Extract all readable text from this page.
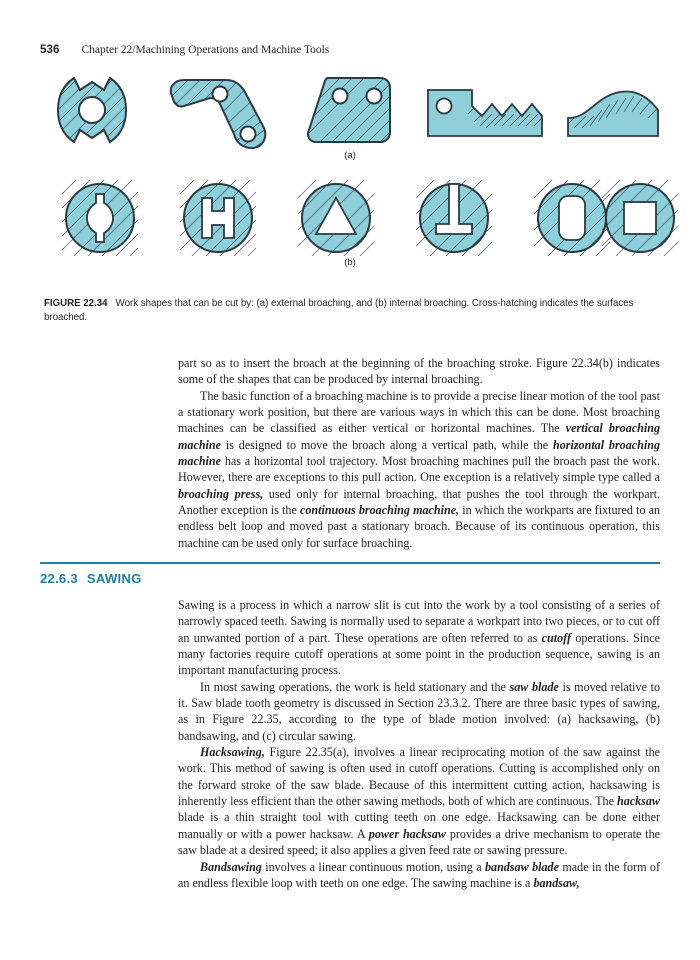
536 Chapter 22/Machining Operations and Machine Tools
(a)
(b)
FIGURE 22.34 Work shapes that can be cut by: (a) external broaching, and (b) internal broaching. Cross-hatching indicates the surfaces broached.

part so as to insert the broach at the beginning of the broaching stroke. Figure 22.34(b) indicates some of the shapes that can be produced by internal broaching.

The basic function of a broaching machine is to provide a precise linear motion of the tool past a stationary work position, but there are various ways in which this can be done. Most broaching machines can be classified as either vertical or horizontal machines. The vertical broaching machine is designed to move the broach along a vertical path, while the horizontal broaching machine has a horizontal tool trajectory. Most broaching machines pull the broach past the work. However, there are exceptions to this pull action. One exception is a relatively simple type called a broaching press, used only for internal broaching, that pushes the tool through the workpart. Another exception is the continuous broaching machine, in which the workparts are fixtured to an endless belt loop and moved past a stationary broach. Because of its continuous operation, this machine can be used only for surface broaching.

22.6.3 SAWING

Sawing is a process in which a narrow slit is cut into the work by a tool consisting of a series of narrowly spaced teeth. Sawing is normally used to separate a workpart into two pieces, or to cut off an unwanted portion of a part. These operations are often referred to as cutoff operations. Since many factories require cutoff operations at some point in the production sequence, sawing is an important manufacturing process.

In most sawing operations, the work is held stationary and the saw blade is moved relative to it. Saw blade tooth geometry is discussed in Section 23.3.2. There are three basic types of sawing, as in Figure 22.35, according to the type of blade motion involved: (a) hacksawing, (b) bandsawing, and (c) circular sawing.

Hacksawing, Figure 22.35(a), involves a linear reciprocating motion of the saw against the work. This method of sawing is often used in cutoff operations. Cutting is accomplished only on the forward stroke of the saw blade. Because of this intermittent cutting action, hacksawing is inherently less efficient than the other sawing methods, both of which are continuous. The hacksaw blade is a thin straight tool with cutting teeth on one edge. Hacksawing can be done either manually or with a power hacksaw. A power hacksaw provides a drive mechanism to operate the saw blade at a desired speed; it also applies a given feed rate or sawing pressure.

Bandsawing involves a linear continuous motion, using a bandsaw blade made in the form of an endless flexible loop with teeth on one edge. The sawing machine is a bandsaw,
